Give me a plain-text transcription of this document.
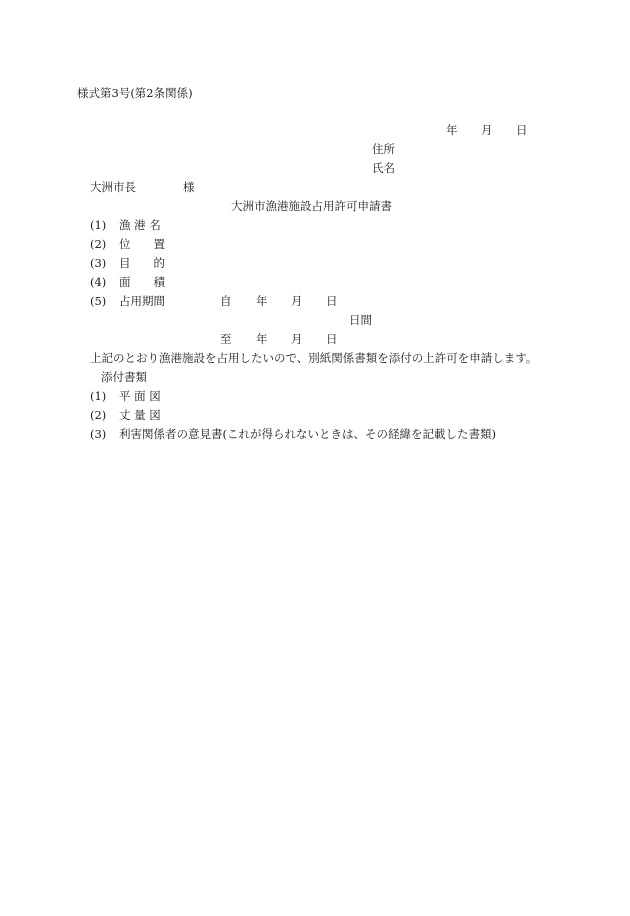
様式第3号(第2条関係)
年 月 日
住所
氏名
大洲市長	様
大洲市漁港施設占用許可申請書
(1) 漁 港 名
(2) 位　　置
(3) 目　　的
(4) 面　　積
(5) 占用期間	自 年 月 日
日間
至 年 月 日
上記のとおり漁港施設を占用したいので、別紙関係書類を添付の上許可を申請します。
添付書類
(1) 平 面 図
(2) 丈 量 図
(3) 利害関係者の意見書(これが得られないときは、その経緯を記載した書類)
